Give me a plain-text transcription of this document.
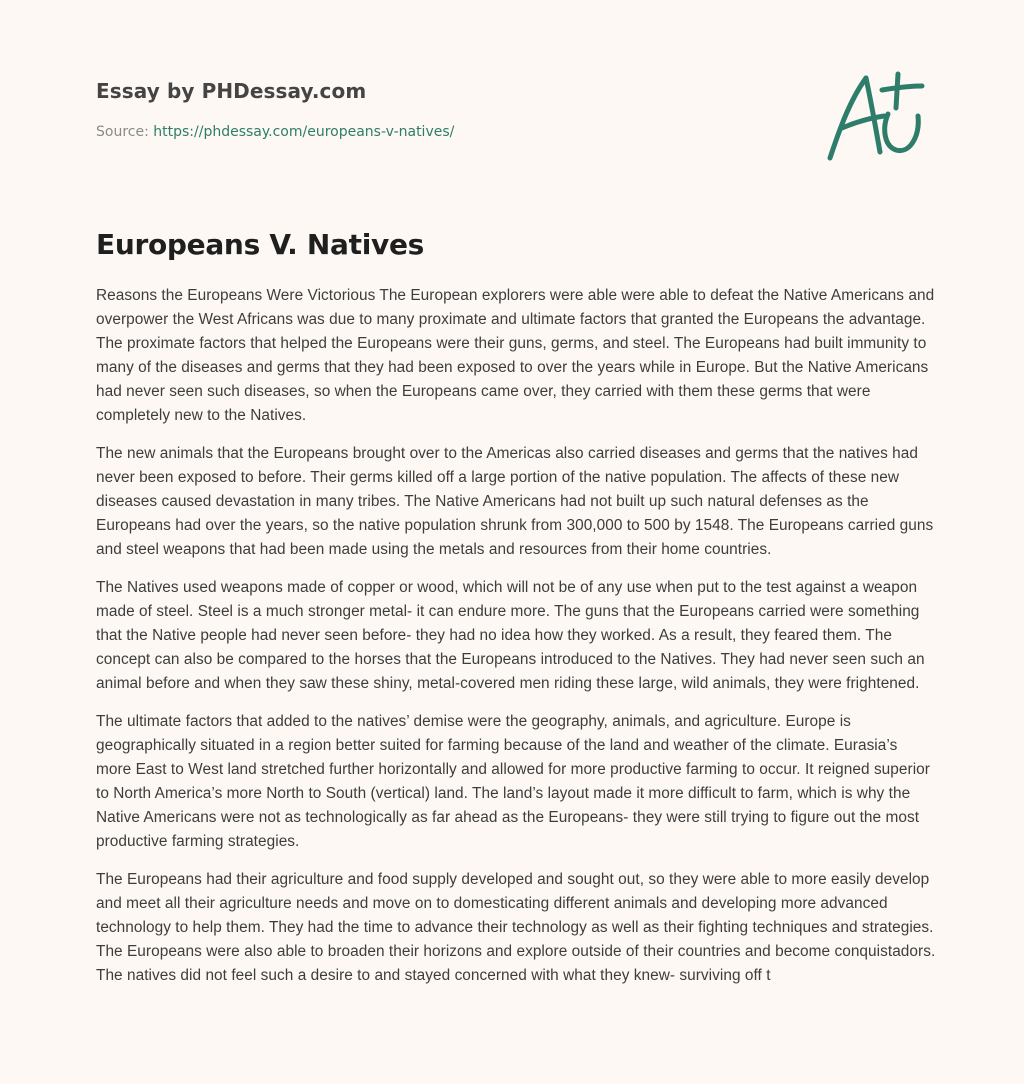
Essay by PHDessay.com
Source: https://phdessay.com/europeans-v-natives/
Europeans V. Natives

Reasons the Europeans Were Victorious The European explorers were able were able to defeat the Native Americans and overpower the West Africans was due to many proximate and ultimate factors that granted the Europeans the advantage. The proximate factors that helped the Europeans were their guns, germs, and steel. The Europeans had built immunity to many of the diseases and germs that they had been exposed to over the years while in Europe. But the Native Americans had never seen such diseases, so when the Europeans came over, they carried with them these germs that were completely new to the Natives.

The new animals that the Europeans brought over to the Americas also carried diseases and germs that the natives had never been exposed to before. Their germs killed off a large portion of the native population. The affects of these new diseases caused devastation in many tribes. The Native Americans had not built up such natural defenses as the Europeans had over the years, so the native population shrunk from 300,000 to 500 by 1548. The Europeans carried guns and steel weapons that had been made using the metals and resources from their home countries.

The Natives used weapons made of copper or wood, which will not be of any use when put to the test against a weapon made of steel. Steel is a much stronger metal- it can endure more. The guns that the Europeans carried were something that the Native people had never seen before- they had no idea how they worked. As a result, they feared them. The concept can also be compared to the horses that the Europeans introduced to the Natives. They had never seen such an animal before and when they saw these shiny, metal-covered men riding these large, wild animals, they were frightened.

The ultimate factors that added to the natives’ demise were the geography, animals, and agriculture. Europe is geographically situated in a region better suited for farming because of the land and weather of the climate. Eurasia’s more East to West land stretched further horizontally and allowed for more productive farming to occur. It reigned superior to North America’s more North to South (vertical) land. The land’s layout made it more difficult to farm, which is why the Native Americans were not as technologically as far ahead as the Europeans- they were still trying to figure out the most productive farming strategies.

The Europeans had their agriculture and food supply developed and sought out, so they were able to more easily develop and meet all their agriculture needs and move on to domesticating different animals and developing more advanced technology to help them. They had the time to advance their technology as well as their fighting techniques and strategies. The Europeans were also able to broaden their horizons and explore outside of their countries and become conquistadors. The natives did not feel such a desire to and stayed concerned with what they knew- surviving off t
